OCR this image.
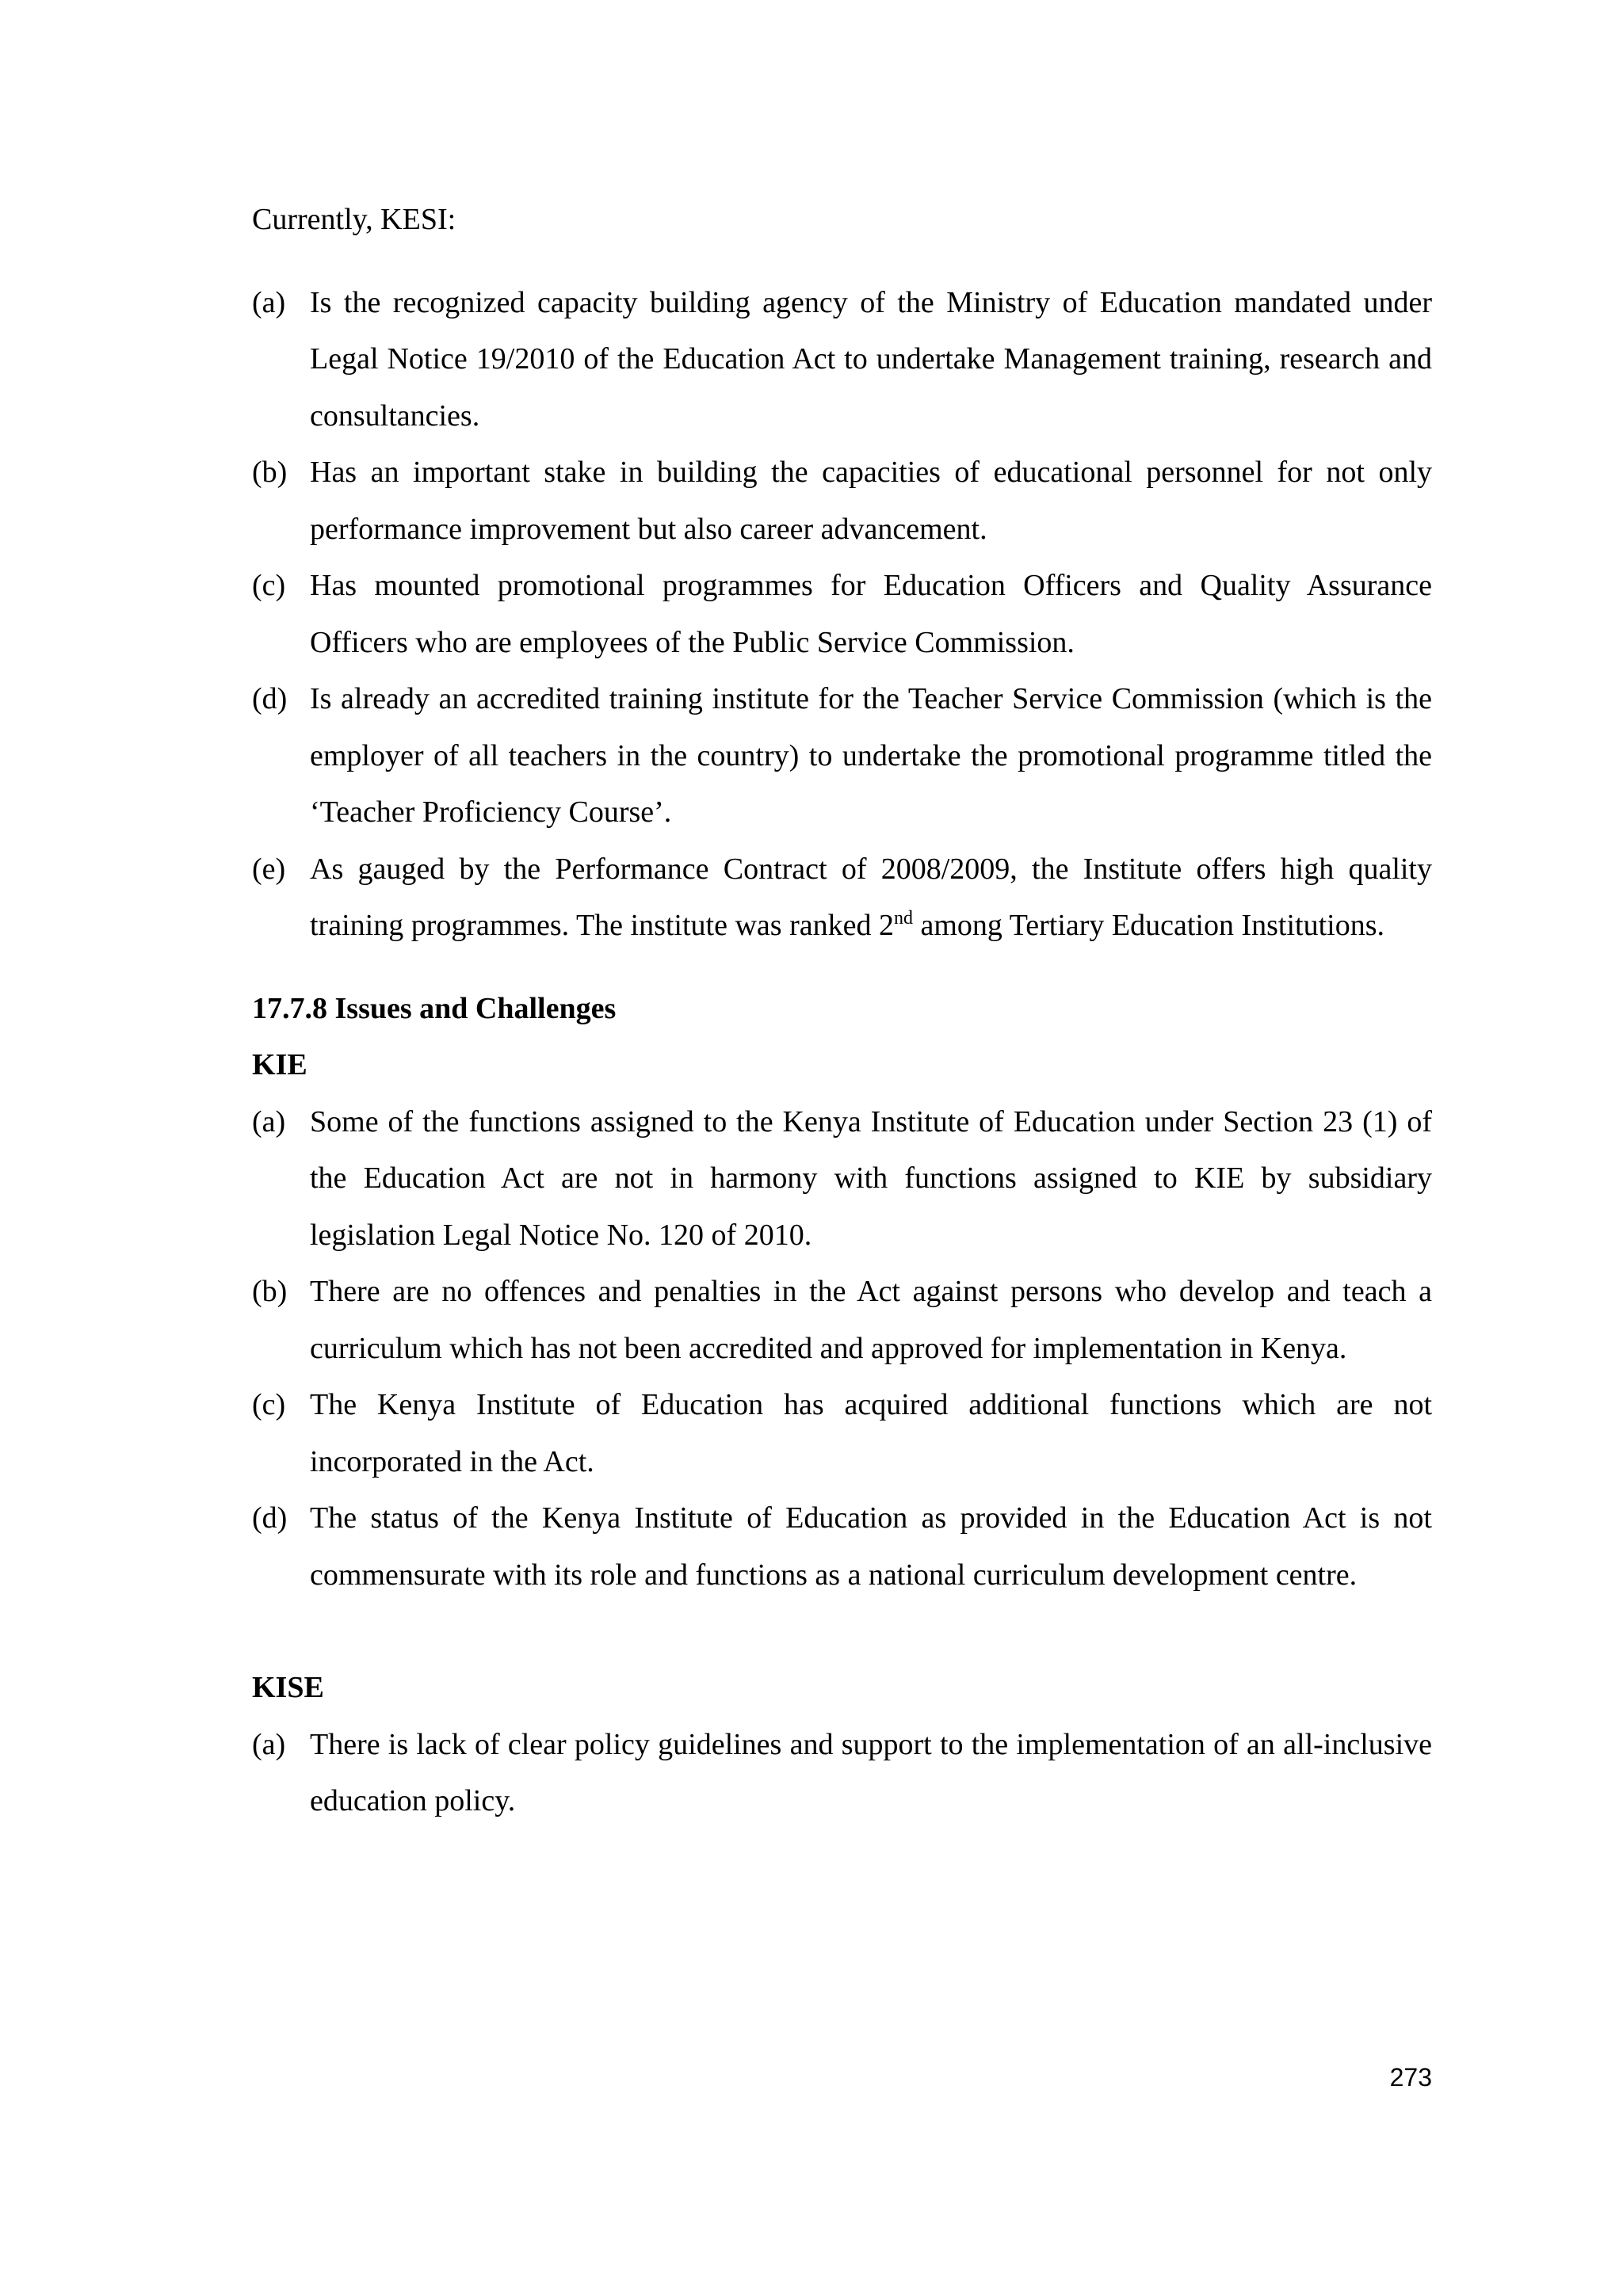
Currently, KESI:

(a) Is the recognized capacity building agency of the Ministry of Education mandated under Legal Notice 19/2010 of the Education Act to undertake Management training, research and consultancies.
(b) Has an important stake in building the capacities of educational personnel for not only performance improvement but also career advancement.
(c) Has mounted promotional programmes for Education Officers and Quality Assurance Officers who are employees of the Public Service Commission.
(d) Is already an accredited training institute for the Teacher Service Commission (which is the employer of all teachers in the country) to undertake the promotional programme titled the ‘Teacher Proficiency Course’.
(e) As gauged by the Performance Contract of 2008/2009, the Institute offers high quality training programmes. The institute was ranked 2nd among Tertiary Education Institutions.
17.7.8 Issues and Challenges
KIE
(a) Some of the functions assigned to the Kenya Institute of Education under Section 23 (1) of the Education Act are not in harmony with functions assigned to KIE by subsidiary legislation Legal Notice No. 120 of 2010.
(b) There are no offences and penalties in the Act against persons who develop and teach a curriculum which has not been accredited and approved for implementation in Kenya.
(c) The Kenya Institute of Education has acquired additional functions which are not incorporated in the Act.
(d) The status of the Kenya Institute of Education as provided in the Education Act is not commensurate with its role and functions as a national curriculum development centre.
KISE
(a) There is lack of clear policy guidelines and support to the implementation of an all-inclusive education policy.
273
